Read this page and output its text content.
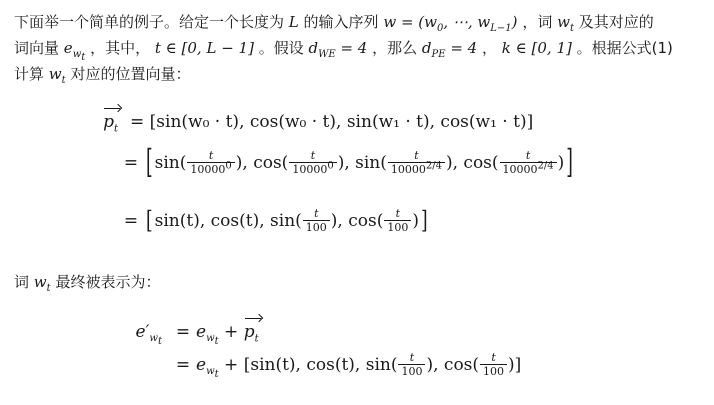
下面举一个简单的例子。给定一个长度为 L 的输入序列 $w = (w_0$, ⋯, $w_{L-1}$) ，词 $w_t$ 及其对应的
词向量 $e_{w_t}$ ，其中， t ∈ [0, L − 1] 。假设 $d_{WE} = 4$ ，那么 $d_{PE} = 4$ ， k ∈ [0, 1] 。根据公式(1)
计算 $w_t$ 对应的位置向量：
$p_t = [\sin(w_0 \cdot t)$, cos(w₀ · t), sin(w₁ · t), cos(w₁ · t)]
= [ $\sin( \frac{t}{10000^0}$ ), $\cos( \frac{t}{10000^0}$ ), $\sin( \frac{t}{10000^{2/4}}$ ), $\cos( \frac{t}{10000^{2/4}}$ ) ]
= [ sin(t), cos(t), $\sin( \frac{t}{100}$ ), $\cos( \frac{t}{100}$ ) ]
词 $w_t$ 最终被表示为：
$e'_{w_t} = e_{w_t} + p_t$
= $e_{w_t} + [\sin(t)$, cos(t), $\sin( \frac{t}{100}$ ), $\cos( \frac{t}{100}$ )]
